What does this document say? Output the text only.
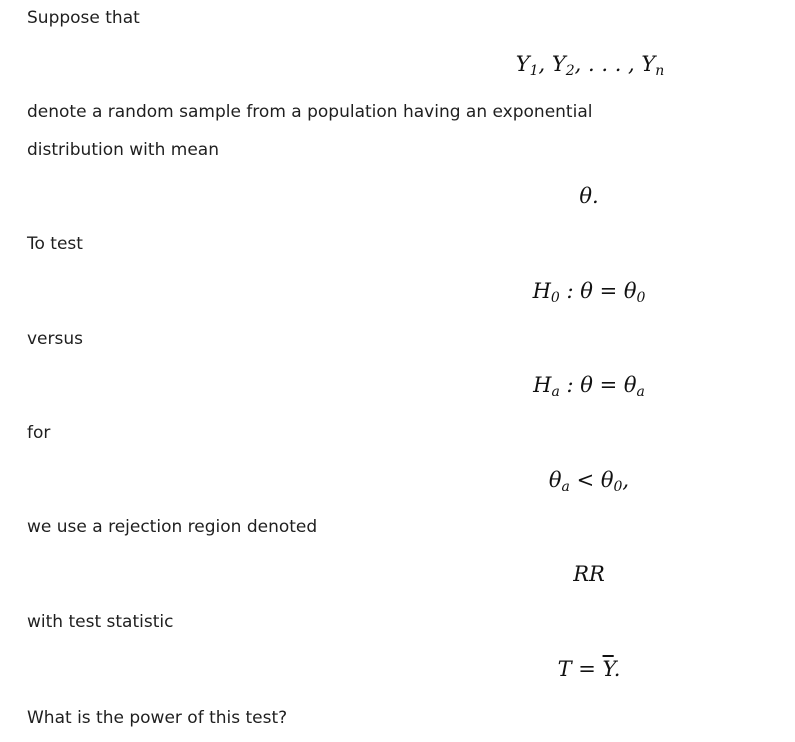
Suppose that
$Y_1$, $Y_2$, . . . , $Y_n$
denote a random sample from a population having an exponential
distribution with mean
θ.
To test
$H_0$ : $\theta = \theta_0$
versus
$H_a$ : $\theta = \theta_a$
for
$\theta_a < \theta_0$,
we use a rejection region denoted
RR
with test statistic
$T = \overline{Y}$.
What is the power of this test?
